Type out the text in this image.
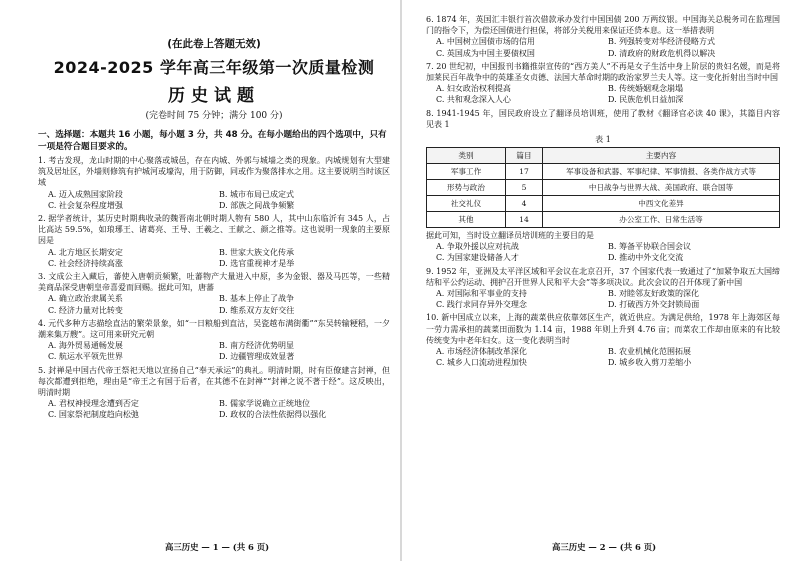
(在此卷上答题无效)
2024-2025 学年高三年级第一次质量检测
历史试题
(完卷时间 75 分钟；满分 100 分)
一、选择题：本题共 16 小题，每小题 3 分，共 48 分。在每小题给出的四个选项中，只有一项是符合题目要求的。
1. 考古发现，龙山时期的中心聚落或城邑，存在内城、外郭与城墙之类的现象。内城规划有大型建筑及居址区，外墙则修筑有护城河或壕沟，用于防御，同或作为聚落排水之用。这主要说明当时该区域
A. 迈入成熟国家阶段	B. 城市布局已成定式
C. 社会复杂程度增强	D. 部族之间战争频繁
2. 据学者统计，某历史时期典收录的魏晋南北朝时期人物有 580 人，其中山东临沂有 345 人，占比高达 59.5%，如琅琊王、诸葛亮、王导、王羲之、王献之、颜之推等。这也说明一现象的主要原因是
A. 北方地区长期安定	B. 世家大族文化传承
C. 社会经济持续高涨	D. 选官重视神才是举
3. 文成公主入藏后，蕃使入唐朝贡频繁，吐蕃物产大量进入中原，多为金银、器及马匹等，一些精美商品深受唐朝皇帝喜爱而回赐。据此可知，唐蕃
A. 确立政治隶属关系	B. 基本上停止了战争
C. 经济力量对比转变	D. 维系双方友好交往
4. 元代多种方志描绘直沽的繁荣景象，如“一日粮船到直沽，吴瓷越布满街衢”“东吴转输粳稻，一夕潮来集万艘”。这可用来研究元朝
A. 海外贸易通畅发展	B. 南方经济优势明显
C. 航运水平领先世界	D. 边疆管理成效显著
5. 封禅是中国古代帝王祭祀天地以宣扬自己“奉天承运”的典礼。明清时期，时有臣僚建言封禅，但每次都遭到拒绝，理由是“帝王之有国于后者，在其德不在封禅”“封禅之说不著于经”。这反映出，明清时期
A. 君权神授理念遭到否定	B. 儒家学说确立正统地位
C. 国家祭祀制度趋向松弛	D. 政权的合法性依据得以强化
高三历史 — 1 — (共 6 页)
6. 1874 年，英国汇丰银行首次借款承办发行中国国债 200 万两纹银。中国海关总税务司在监理国门的指令下，为偿还国债进行担保，将部分关税用来保证还贷本息。这一举措表明
A. 中国树立国债市场的信用	B. 列强转变对华经济侵略方式
C. 英国成为中国主要债权国	D. 清政府的财政危机得以解决
7. 20 世纪初，中国报刊书籍推崇宣传的“西方美人”不再是女子生活中身上阶层的贵妇名媛，而是将加莱民百年战争中的英雄圣女贞德、法国大革命时期的政治家罗兰夫人等。这一变化折射出当时中国
A. 妇女政治权利提高	B. 传统婚姻观念崩塌
C. 共和观念深入人心	D. 民族危机日益加深
8. 1941-1945 年，国民政府设立了翻译员培训班，使用了教材《翻译官必读 40 课》，其篇目内容见表 1
表 1
类别	篇目	主要内容
军事工作	17	军事设备和武器、军事纪律、军事情报、各类作战方式等
形势与政治	5	中日战争与世界大战、美国政府、联合国等
社交礼仪	4	中西文化差异
其他	14	办公室工作、日常生活等
据此可知，当时设立翻译员培训班的主要目的是
A. 争取外援以应对抗战	B. 筹备平协联合国会议
C. 为国家建设储备人才	D. 推动中外文化交流
9. 1952 年，亚洲及太平洋区域和平会议在北京召开，37 个国家代表一致通过了“加紧争取五大国缔结和平公约运动、拥护召开世界人民和平大会”等多项决议。此次会议的召开体现了新中国
A. 对国际和平事业的支持	B. 对睦邻友好政策的深化
C. 践行求同存异外交理念	D. 打破西方外交封锁局面
10. 新中国成立以来，上海的蔬菜供应依靠郊区生产，就近供应。为满足供给，1978 年上海郊区每一劳力需承担的蔬菜田面数为 1.14 亩，1988 年则上升到 4.76 亩；而菜农工作却由原来的有比较传统变为中老年妇女。这一变化表明当时
A. 市场经济体制改革深化	B. 农业机械化范围拓展
C. 城乡人口流动进程加快	D. 城乡收入剪刀差缩小
高三历史 — 2 — (共 6 页)
